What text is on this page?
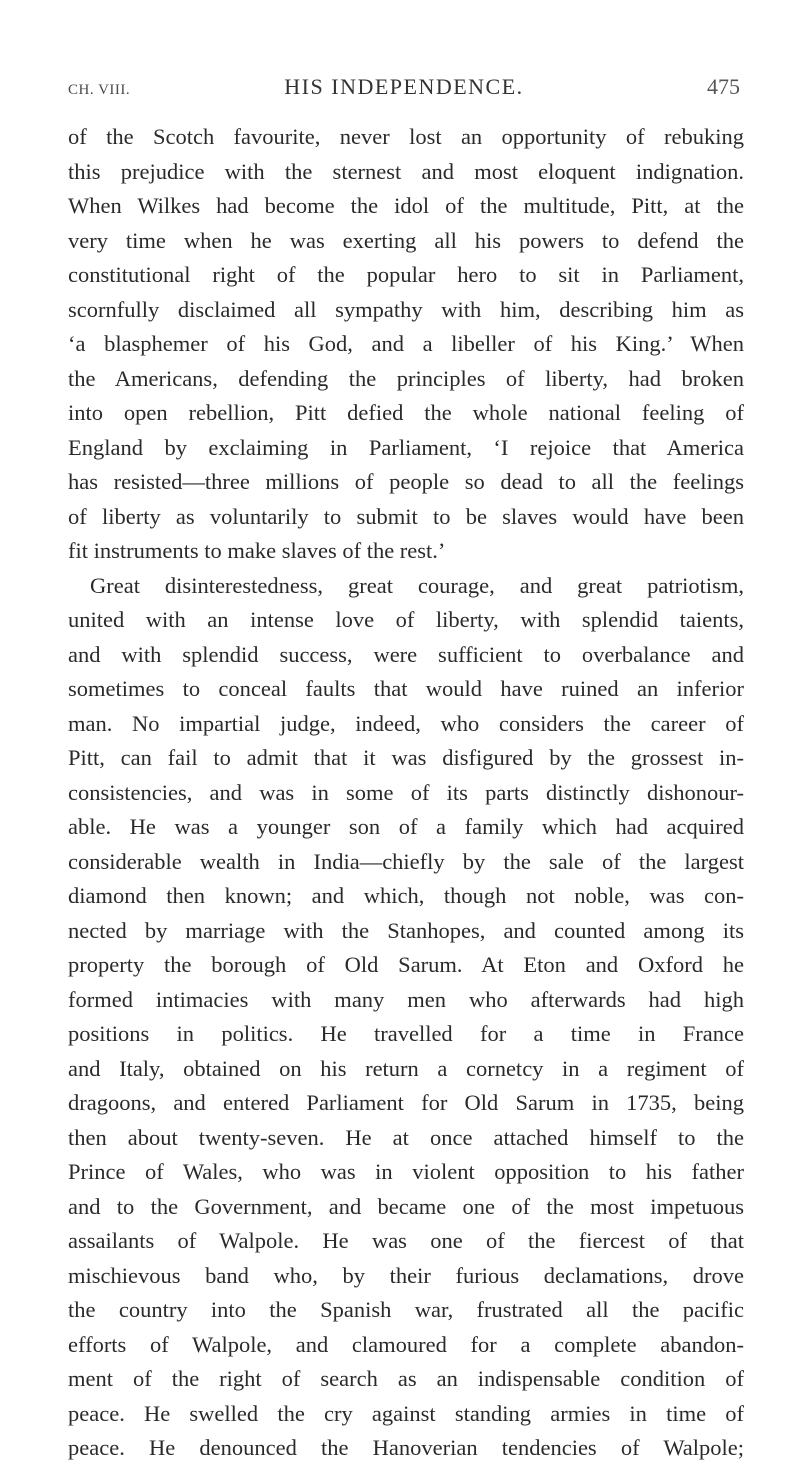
CH. VIII.	HIS INDEPENDENCE.	475
of the Scotch favourite, never lost an opportunity of rebuking
this prejudice with the sternest and most eloquent indignation.
When Wilkes had become the idol of the multitude, Pitt, at the
very time when he was exerting all his powers to defend the
constitutional right of the popular hero to sit in Parliament,
scornfully disclaimed all sympathy with him, describing him as
‘a blasphemer of his God, and a libeller of his King.’ When
the Americans, defending the principles of liberty, had broken
into open rebellion, Pitt defied the whole national feeling of
England by exclaiming in Parliament, ‘I rejoice that America
has resisted—three millions of people so dead to all the feelings
of liberty as voluntarily to submit to be slaves would have been
fit instruments to make slaves of the rest.’
Great disinterestedness, great courage, and great patriotism,
united with an intense love of liberty, with splendid taients,
and with splendid success, were sufficient to overbalance and
sometimes to conceal faults that would have ruined an inferior
man. No impartial judge, indeed, who considers the career of
Pitt, can fail to admit that it was disfigured by the grossest in-
consistencies, and was in some of its parts distinctly dishonour-
able. He was a younger son of a family which had acquired
considerable wealth in India—chiefly by the sale of the largest
diamond then known; and which, though not noble, was con-
nected by marriage with the Stanhopes, and counted among its
property the borough of Old Sarum. At Eton and Oxford he
formed intimacies with many men who afterwards had high
positions in politics. He travelled for a time in France
and Italy, obtained on his return a cornetcy in a regiment of
dragoons, and entered Parliament for Old Sarum in 1735, being
then about twenty-seven. He at once attached himself to the
Prince of Wales, who was in violent opposition to his father
and to the Government, and became one of the most impetuous
assailants of Walpole. He was one of the fiercest of that
mischievous band who, by their furious declamations, drove
the country into the Spanish war, frustrated all the pacific
efforts of Walpole, and clamoured for a complete abandon-
ment of the right of search as an indispensable condition of
peace. He swelled the cry against standing armies in time of
peace. He denounced the Hanoverian tendencies of Walpole;
